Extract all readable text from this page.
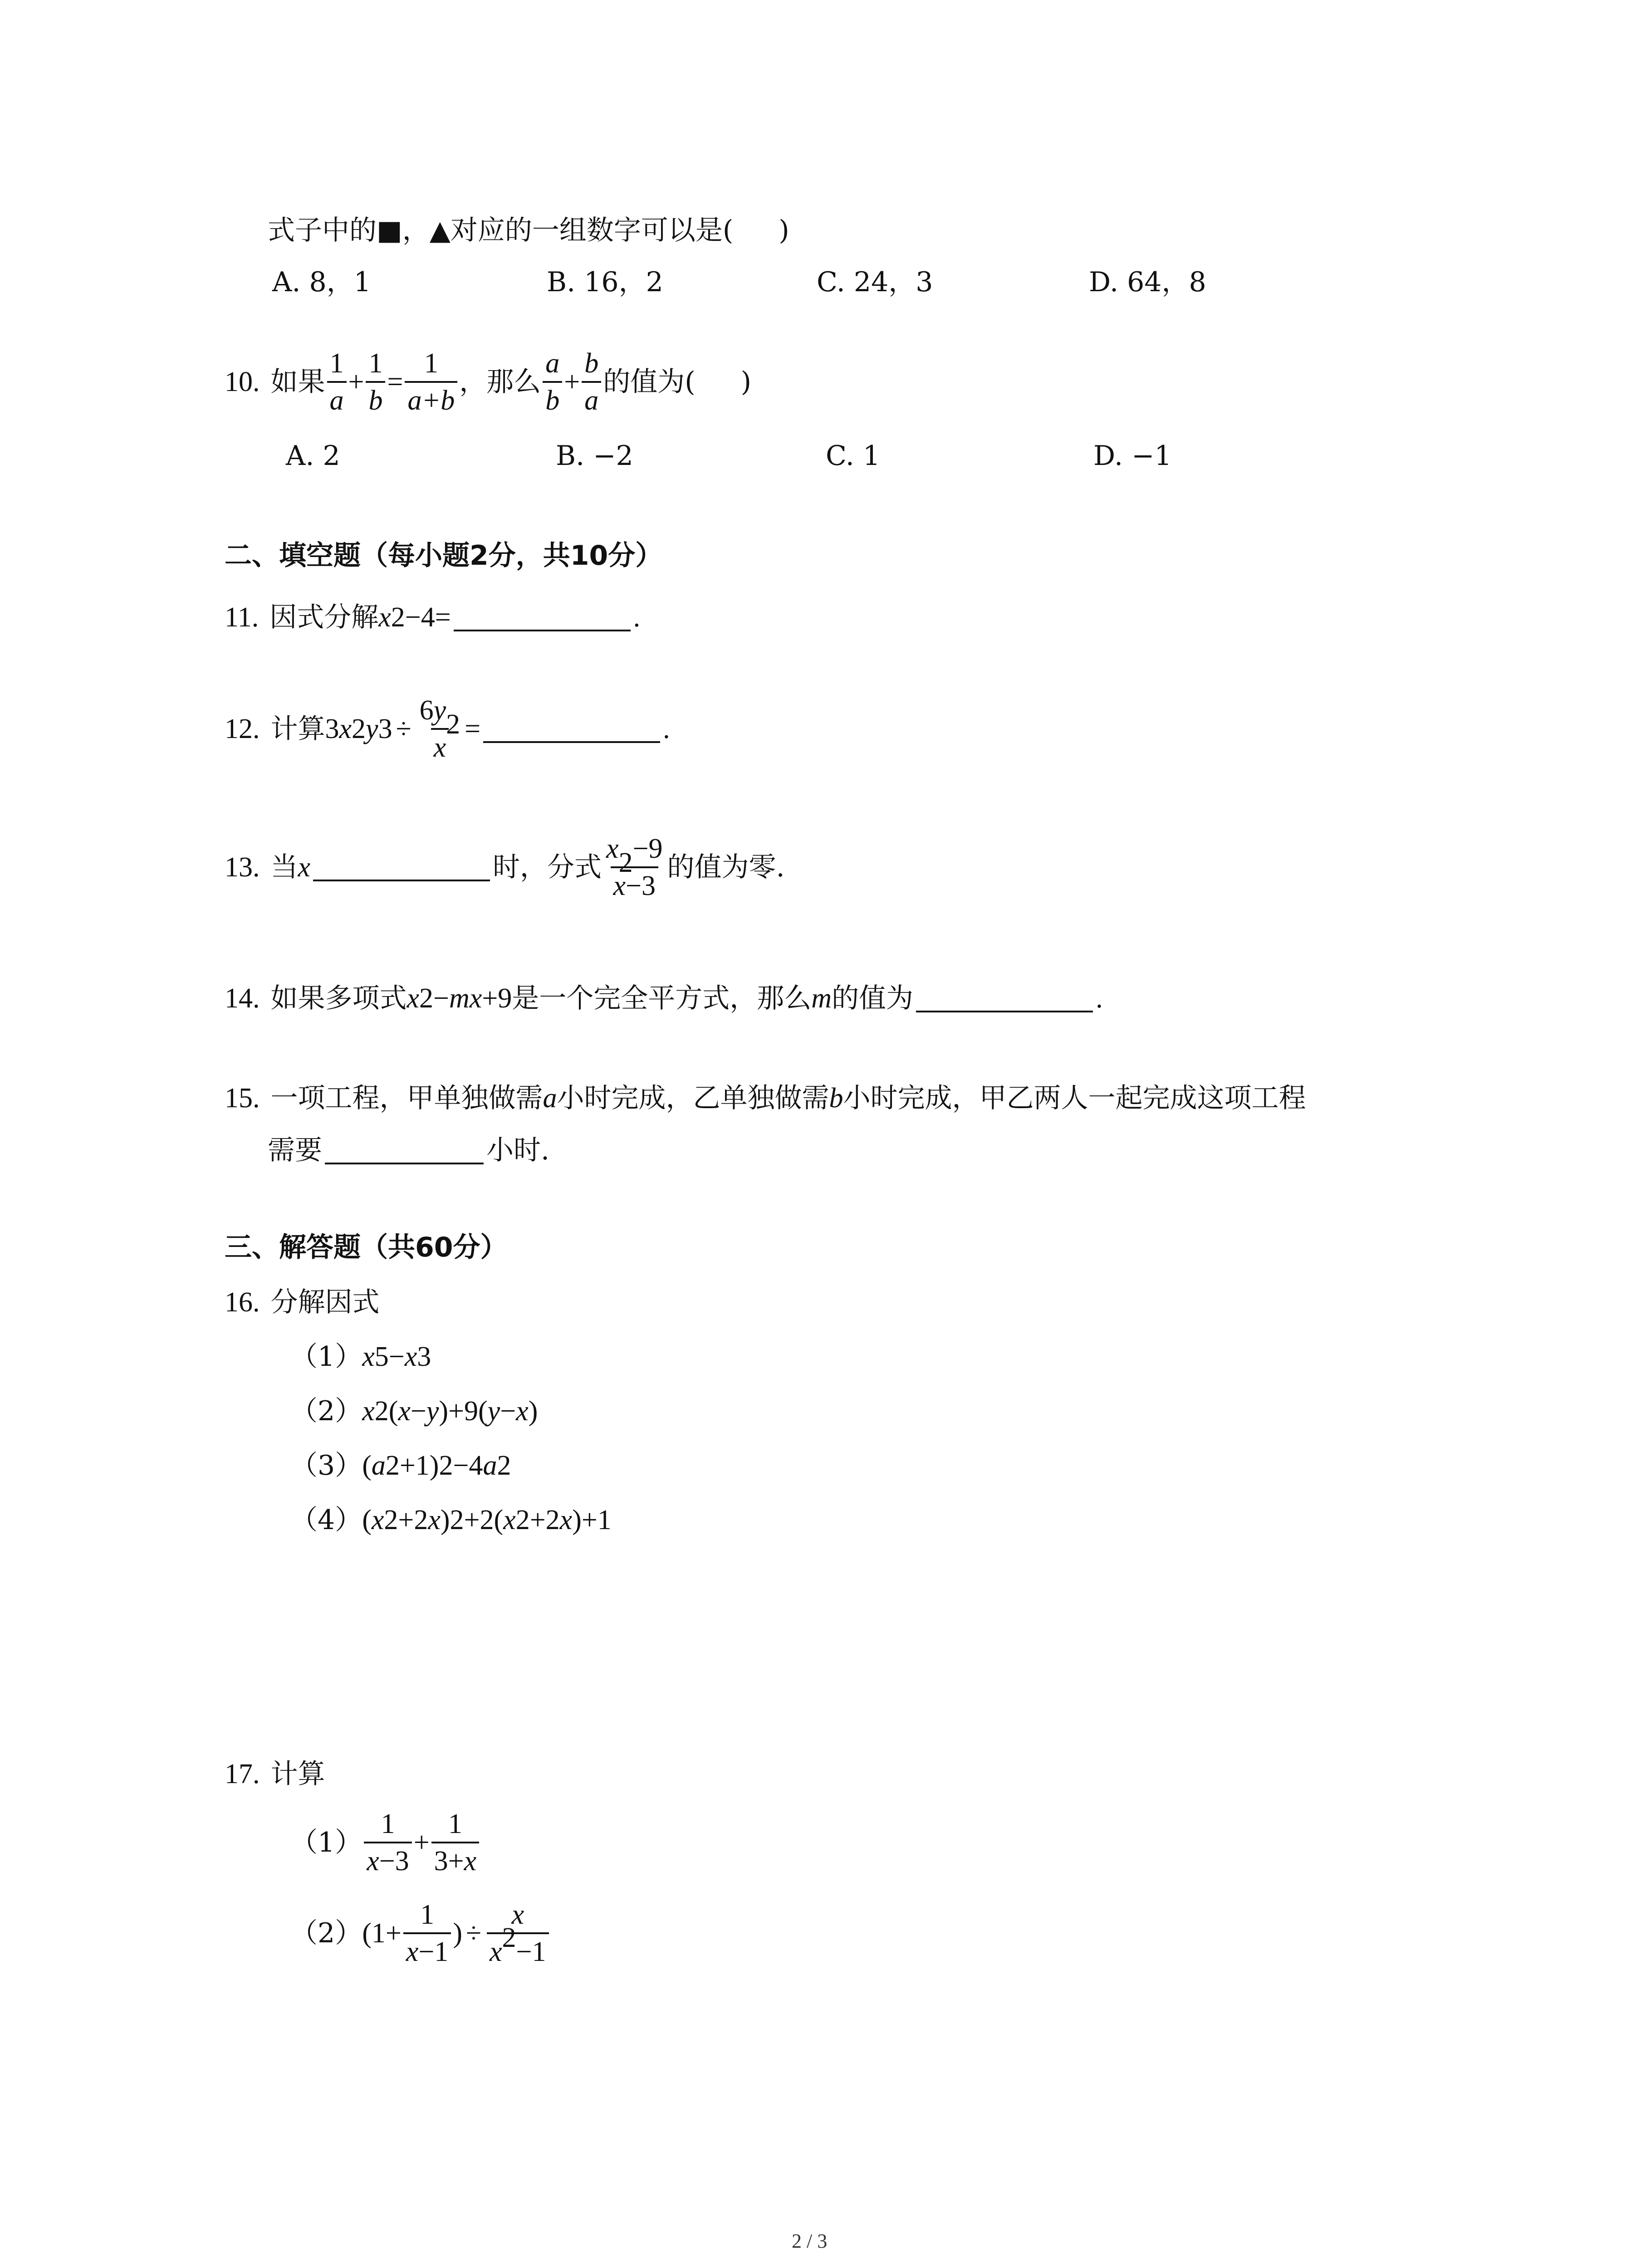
式子中的 ■ ， ▲ 对应的一组数字可以是( )
A. 8，1	B. 16，2	C. 24，3	D. 64，8
10. 如果 $\frac{1}{a} + \frac{1}{b} = \frac{1}{a+b}$ ，那么 $\frac{a}{b} + \frac{b}{a}$ 的值为( )
A. 2	B. −2	C. 1	D. −1
二、填空题（每小题2分，共10分）
11. 因式分解 x 2 −4=	.
12. 计算 3 x 2 y $3 \div \frac{6 y 2}{x}$ =	.
13. 当 x	时，分式 $\frac{x 2 -9}{x -3}$ 的值为零.
14. 如果多项式 x 2 − m x +9 是一个完全平方式，那么 m 的值为	.
15. 一项工程，甲单独做需 a 小时完成，乙单独做需 b 小时完成，甲乙两人一起完成这项工程
需要	小时.
三、解答题（共60分）
16. 分解因式
（1） x 5 − x 3
（2） x 2 ( x − y )+9( y − x )
（3） ( a 2 +1) 2 −4 a 2
（4） ( x 2 +2 x ) 2 +2( x 2 +2 x )+1
17. 计算
$(1) \frac{1}{x -3} + \frac{1}{3+ x}$
（2） ($1+ \frac{1}{x -1}$ ) ÷ $\frac{x}{x 2 -1}$
2 / 3
